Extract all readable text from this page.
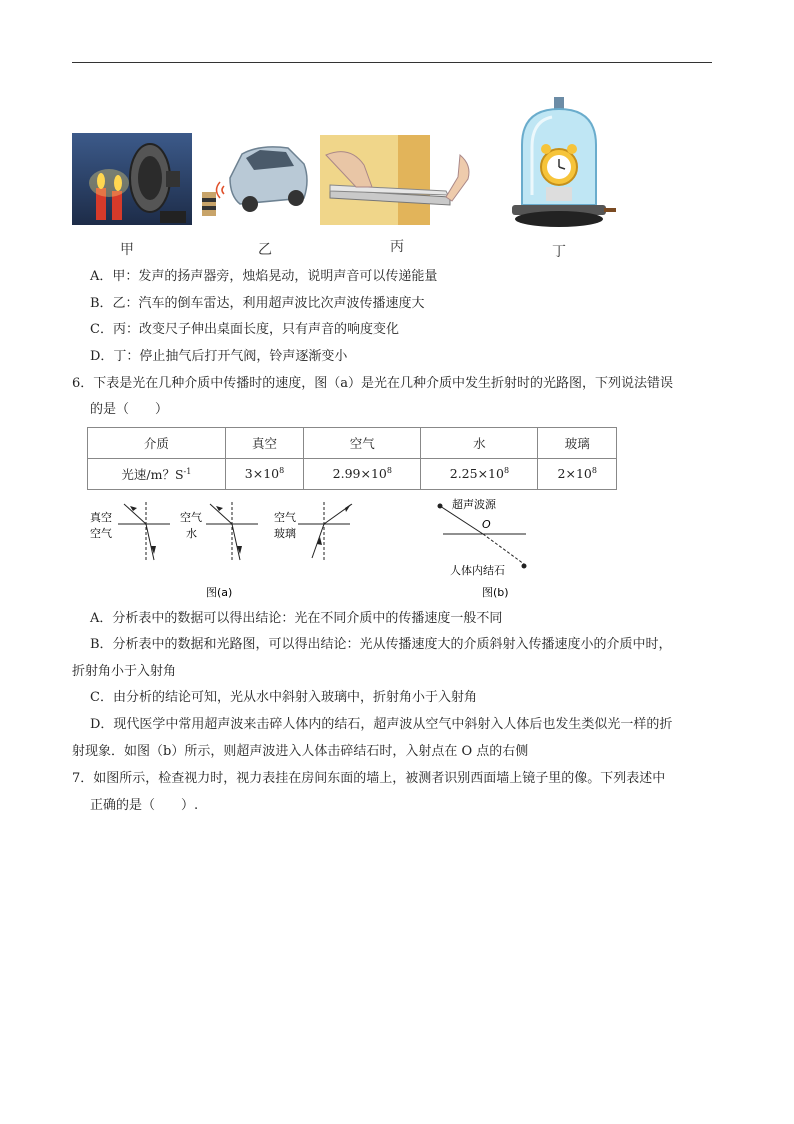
甲	乙	丙	丁
A．甲：发声的扬声器旁，烛焰晃动，说明声音可以传递能量
B．乙：汽车的倒车雷达，利用超声波比次声波传播速度大
C．丙：改变尺子伸出桌面长度，只有声音的响度变化
D．丁：停止抽气后打开气阀，铃声逐渐变小
6．下表是光在几种介质中传播时的速度，图（a）是光在几种介质中发生折射时的光路图，下列说法错误
的是（　　）
介质	真空	空气	水	玻璃
光速/m？$S^{-1}$	$3\times 10^8$	$2.99\times 10^8$	$2.25\times 10^8$	$2\times 10^8$
真空
空气
空气
水
空气
玻璃
图(a)
超声波源
O
人体内结石
图(b)
A．分析表中的数据可以得出结论：光在不同介质中的传播速度一般不同
B．分析表中的数据和光路图，可以得出结论：光从传播速度大的介质斜射入传播速度小的介质中时，
折射角小于入射角
C．由分析的结论可知，光从水中斜射入玻璃中，折射角小于入射角
D．现代医学中常用超声波来击碎人体内的结石，超声波从空气中斜射入人体后也发生类似光一样的折
射现象．如图（b）所示，则超声波进入人体击碎结石时，入射点在 O 点的右侧
7．如图所示，检查视力时，视力表挂在房间东面的墙上，被测者识别西面墙上镜子里的像。下列表述中
正确的是（　　）.
